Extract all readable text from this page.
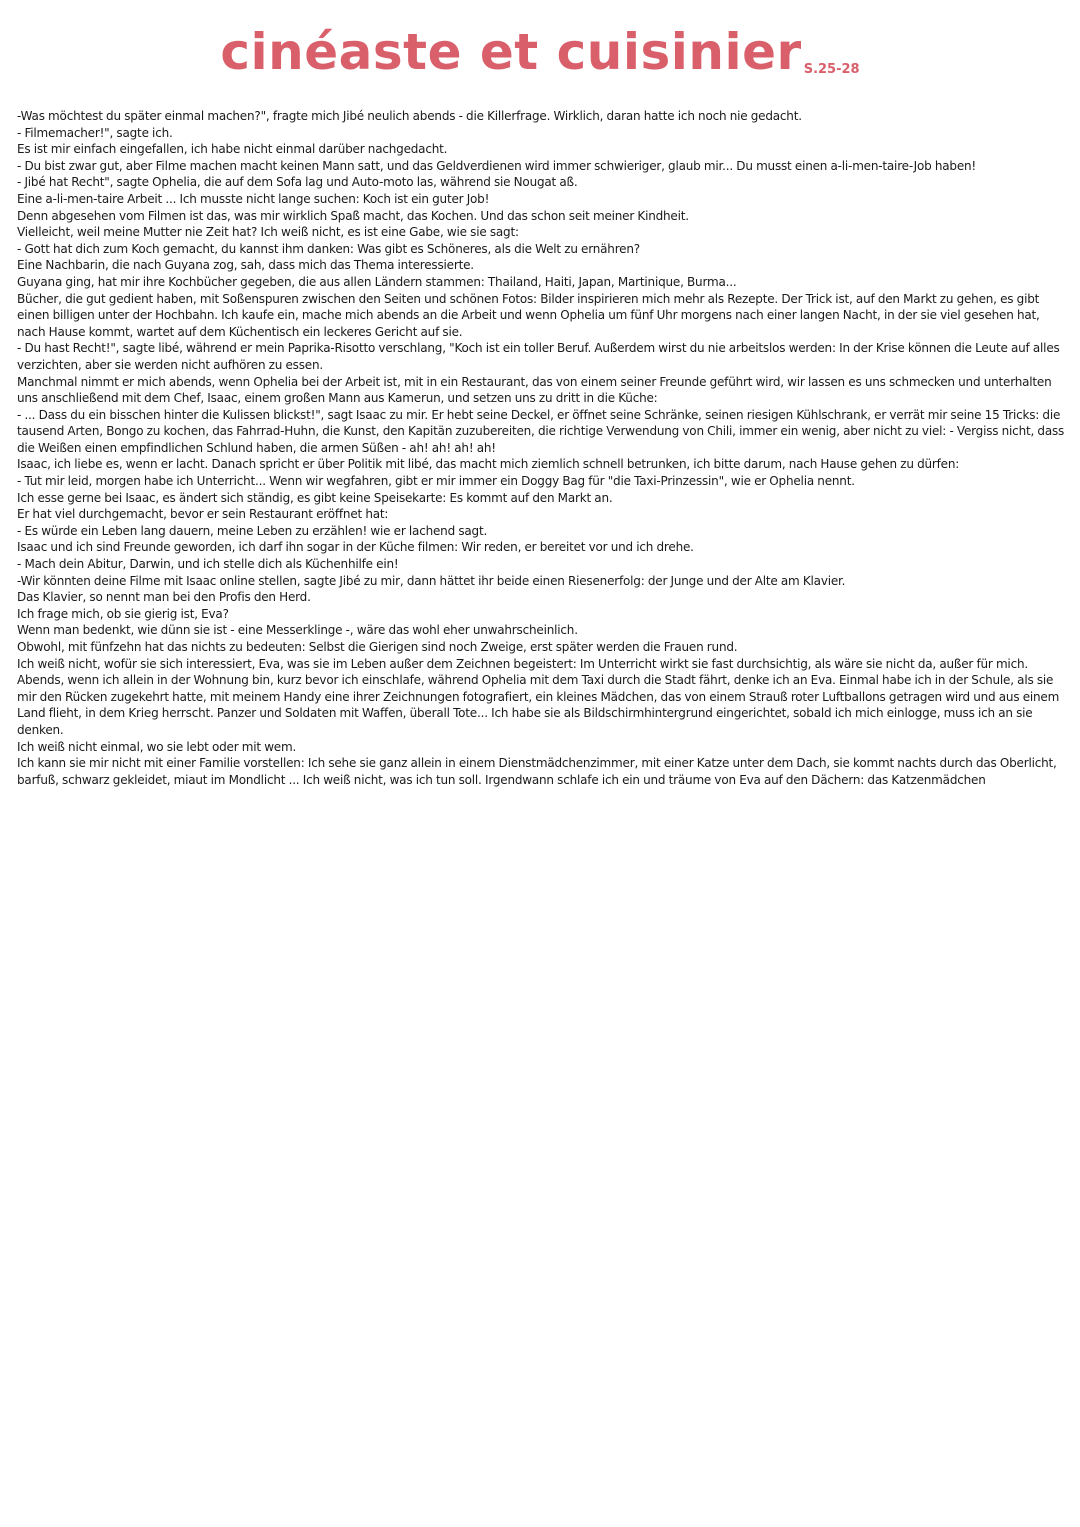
cinéaste et cuisinier S.25-28

-Was möchtest du später einmal machen?", fragte mich Jibé neulich abends - die Killerfrage. Wirklich, daran hatte ich noch nie gedacht.

- Filmemacher!", sagte ich.

Es ist mir einfach eingefallen, ich habe nicht einmal darüber nachgedacht.

- Du bist zwar gut, aber Filme machen macht keinen Mann satt, und das Geldverdienen wird immer schwieriger, glaub mir... Du musst einen a-li-men-taire-Job haben!

- Jibé hat Recht", sagte Ophelia, die auf dem Sofa lag und Auto-moto las, während sie Nougat aß.

Eine a-li-men-taire Arbeit ... Ich musste nicht lange suchen: Koch ist ein guter Job!

Denn abgesehen vom Filmen ist das, was mir wirklich Spaß macht, das Kochen. Und das schon seit meiner Kindheit.

Vielleicht, weil meine Mutter nie Zeit hat? Ich weiß nicht, es ist eine Gabe, wie sie sagt:

- Gott hat dich zum Koch gemacht, du kannst ihm danken: Was gibt es Schöneres, als die Welt zu ernähren?

Eine Nachbarin, die nach Guyana zog, sah, dass mich das Thema interessierte.

Guyana ging, hat mir ihre Kochbücher gegeben, die aus allen Ländern stammen: Thailand, Haiti, Japan, Martinique, Burma...

Bücher, die gut gedient haben, mit Soßenspuren zwischen den Seiten und schönen Fotos: Bilder inspirieren mich mehr als Rezepte. Der Trick ist, auf den Markt zu gehen, es gibt einen billigen unter der Hochbahn. Ich kaufe ein, mache mich abends an die Arbeit und wenn Ophelia um fünf Uhr morgens nach einer langen Nacht, in der sie viel gesehen hat, nach Hause kommt, wartet auf dem Küchentisch ein leckeres Gericht auf sie.

- Du hast Recht!", sagte libé, während er mein Paprika-Risotto verschlang, "Koch ist ein toller Beruf. Außerdem wirst du nie arbeitslos werden: In der Krise können die Leute auf alles verzichten, aber sie werden nicht aufhören zu essen.

Manchmal nimmt er mich abends, wenn Ophelia bei der Arbeit ist, mit in ein Restaurant, das von einem seiner Freunde geführt wird, wir lassen es uns schmecken und unterhalten uns anschließend mit dem Chef, Isaac, einem großen Mann aus Kamerun, und setzen uns zu dritt in die Küche:

- ... Dass du ein bisschen hinter die Kulissen blickst!", sagt Isaac zu mir. Er hebt seine Deckel, er öffnet seine Schränke, seinen riesigen Kühlschrank, er verrät mir seine 15 Tricks: die tausend Arten, Bongo zu kochen, das Fahrrad-Huhn, die Kunst, den Kapitän zuzubereiten, die richtige Verwendung von Chili, immer ein wenig, aber nicht zu viel: - Vergiss nicht, dass die Weißen einen empfindlichen Schlund haben, die armen Süßen - ah! ah! ah! ah!

Isaac, ich liebe es, wenn er lacht. Danach spricht er über Politik mit libé, das macht mich ziemlich schnell betrunken, ich bitte darum, nach Hause gehen zu dürfen:

- Tut mir leid, morgen habe ich Unterricht... Wenn wir wegfahren, gibt er mir immer ein Doggy Bag für "die Taxi-Prinzessin", wie er Ophelia nennt.

Ich esse gerne bei Isaac, es ändert sich ständig, es gibt keine Speisekarte: Es kommt auf den Markt an.

Er hat viel durchgemacht, bevor er sein Restaurant eröffnet hat:

- Es würde ein Leben lang dauern, meine Leben zu erzählen! wie er lachend sagt.

Isaac und ich sind Freunde geworden, ich darf ihn sogar in der Küche filmen: Wir reden, er bereitet vor und ich drehe.

- Mach dein Abitur, Darwin, und ich stelle dich als Küchenhilfe ein!

-Wir könnten deine Filme mit Isaac online stellen, sagte Jibé zu mir, dann hättet ihr beide einen Riesenerfolg: der Junge und der Alte am Klavier.

Das Klavier, so nennt man bei den Profis den Herd.

Ich frage mich, ob sie gierig ist, Eva?

Wenn man bedenkt, wie dünn sie ist - eine Messerklinge -, wäre das wohl eher unwahrscheinlich.

Obwohl, mit fünfzehn hat das nichts zu bedeuten: Selbst die Gierigen sind noch Zweige, erst später werden die Frauen rund.

Ich weiß nicht, wofür sie sich interessiert, Eva, was sie im Leben außer dem Zeichnen begeistert: Im Unterricht wirkt sie fast durchsichtig, als wäre sie nicht da, außer für mich. Abends, wenn ich allein in der Wohnung bin, kurz bevor ich einschlafe, während Ophelia mit dem Taxi durch die Stadt fährt, denke ich an Eva. Einmal habe ich in der Schule, als sie mir den Rücken zugekehrt hatte, mit meinem Handy eine ihrer Zeichnungen fotografiert, ein kleines Mädchen, das von einem Strauß roter Luftballons getragen wird und aus einem Land flieht, in dem Krieg herrscht. Panzer und Soldaten mit Waffen, überall Tote... Ich habe sie als Bildschirmhintergrund eingerichtet, sobald ich mich einlogge, muss ich an sie denken.

Ich weiß nicht einmal, wo sie lebt oder mit wem.

Ich kann sie mir nicht mit einer Familie vorstellen: Ich sehe sie ganz allein in einem Dienstmädchenzimmer, mit einer Katze unter dem Dach, sie kommt nachts durch das Oberlicht, barfuß, schwarz gekleidet, miaut im Mondlicht ... Ich weiß nicht, was ich tun soll. Irgendwann schlafe ich ein und träume von Eva auf den Dächern: das Katzenmädchen
